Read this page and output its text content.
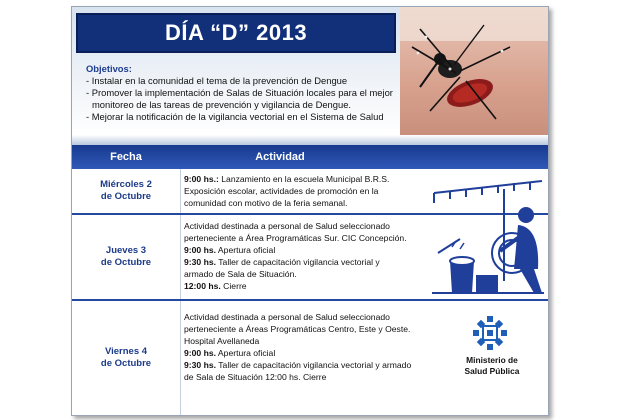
DÍA “D” 2013
Objetivos:
- Instalar en la comunidad el tema de la prevención de Dengue
- Promover la implementación de Salas de Situación locales para el mejor
monitoreo de las tareas de prevención y vigilancia de Dengue.
- Mejorar la notificación de la vigilancia vectorial en el Sistema de Salud
Fecha	Actividad
Miércoles 2
de Octubre
9:00 hs.: Lanzamiento en la escuela Municipal B.R.S.
Exposición escolar, actividades de promoción en la
comunidad con motivo de la feria semanal.
Jueves 3
de Octubre
Actividad destinada a personal de Salud seleccionado
perteneciente a Área Programáticas Sur. CIC Concepción.
9:00 hs. Apertura oficial
9:30 hs. Taller de capacitación vigilancia vectorial y
armado de Sala de Situación.
12:00 hs. Cierre
Viernes 4
de Octubre
Actividad destinada a personal de Salud seleccionado
perteneciente a Áreas Programáticas Centro, Este y Oeste.
Hospital Avellaneda
9:00 hs. Apertura oficial
9:30 hs. Taller de capacitación vigilancia vectorial y armado
de Sala de Situación 12:00 hs. Cierre
Ministerio de
Salud Pública
